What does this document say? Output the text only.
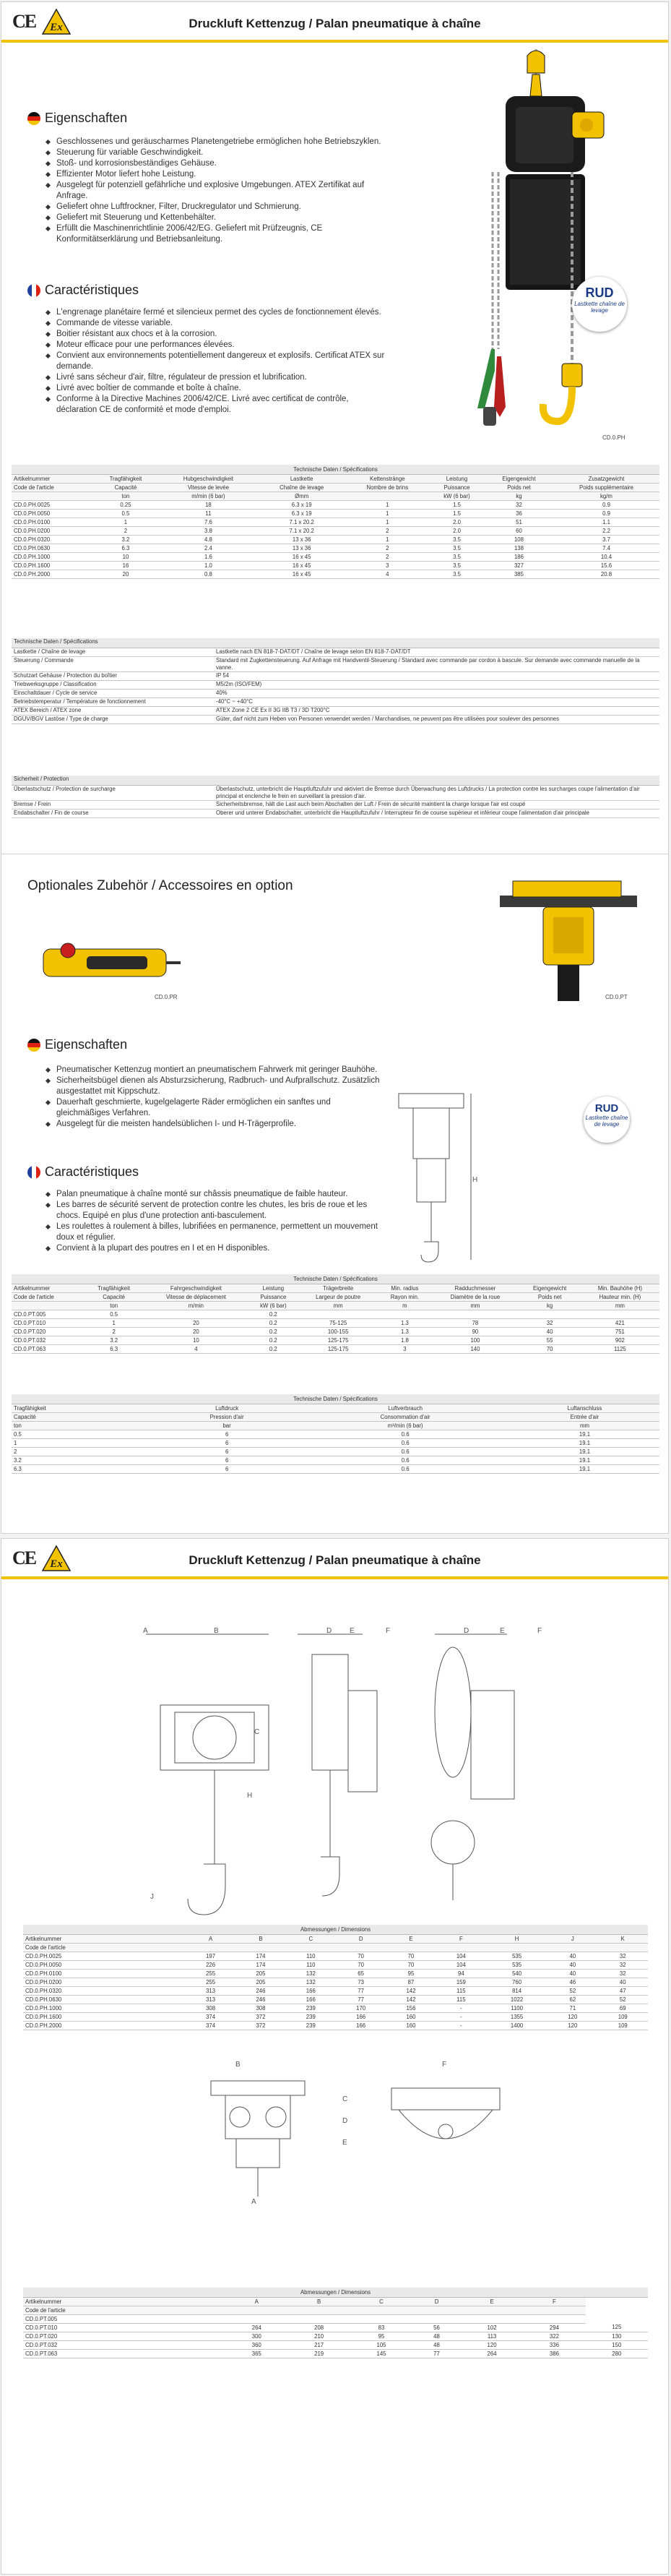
CE Ex	Druckluft Kettenzug / Palan pneumatique à chaîne
Eigenschaften
Geschlossenes und geräuscharmes Planetengetriebe ermöglichen hohe Betriebszyklen.
Steuerung für variable Geschwindigkeit.
Stoß- und korrosionsbeständiges Gehäuse.
Effizienter Motor liefert hohe Leistung.
Ausgelegt für potenziell gefährliche und explosive Umgebungen. ATEX Zertifikat auf Anfrage.
Geliefert ohne Luftfrockner, Filter, Druckregulator und Schmierung.
Geliefert mit Steuerung und Kettenbehälter.
Erfüllt die Maschinenrichtlinie 2006/42/EG. Geliefert mit Prüfzeugnis, CE Konformitätserklärung und Betriebsanleitung.
Caractéristiques
L'engrenage planétaire fermé et silencieux permet des cycles de fonctionnement élevés.
Commande de vitesse variable.
Boitier résistant aux chocs et à la corrosion.
Moteur efficace pour une performances élevées.
Convient aux environnements potentiellement dangereux et explosifs. Certificat ATEX sur demande.
Livré sans sécheur d'air, filtre, régulateur de pression et lubrification.
Livré avec boîtier de commande et boîte à chaîne.
Conforme à la Directive Machines 2006/42/CE. Livré avec certificat de contrôle, déclaration CE de conformité et mode d'emploi.
RUD
Lastkette chaîne de levage
CD.0.PH
Technische Daten / Spécifications							
Artikelnummer	Tragfähigkeit	Hubgeschwindigkeit	Lastkette	Kettenstränge	Leistung	Eigengewicht	Zusatzgewicht
Code de l'article	Capacité	Vitesse de levée	Chaîne de levage	Nombre de brins	Puissance	Poids net	Poids supplémentaire
	ton	m/min (6 bar)	Ømm		kW (6 bar)	kg	kg/m
CD.0.PH.0025	0.25	18	6.3 x 19	1	1.5	32	0.9
CD.0.PH.0050	0.5	11	6.3 x 19	1	1.5	36	0.9
CD.0.PH.0100	1	7.6	7.1 x 20.2	1	2.0	51	1.1
CD.0.PH.0200	2	3.8	7.1 x 20.2	2	2.0	60	2.2
CD.0.PH.0320	3.2	4.8	13 x 36	1	3.5	108	3.7
CD.0.PH.0630	6.3	2.4	13 x 36	2	3.5	138	7.4
CD.0.PH.1000	10	1.6	16 x 45	2	3.5	186	10.4
CD.0.PH.1600	16	1.0	16 x 45	3	3.5	327	15.6
CD.0.PH.2000	20	0.8	16 x 45	4	3.5	385	20.8
Technische Daten / Spécifications	
Lastkette / Chaîne de levage	Lastkette nach EN 818-7-DAT/DT / Chaîne de levage selon EN 818-7-DAT/DT
Steuerung / Commande	Standard mit Zugkettensteuerung. Auf Anfrage mit Handventil-Steuerung / Standard avec commande par cordon à bascule. Sur demande avec commande manuelle de la vanne.
Schutzart Gehäuse / Protection du boîtier	IP 54
Triebwerksgruppe / Classification	M5/2m (ISO/FEM)
Einschaltdauer / Cycle de service	40%
Betriebstemperatur / Température de fonctionnement	-40°C ~ +40°C
ATEX Bereich / ATEX zone	ATEX Zone 2 CE Ex II 3G IIB T3 / 3D T200°C
DGUV/BGV Lastöse / Type de charge	Güter, darf nicht zum Heben von Personen verwendet werden / Marchandises, ne peuvent pas être utilisées pour soulever des personnes
Sicherheit / Protection	
Überlastschutz / Protection de surcharge	Überlastschutz, unterbricht die Hauptluftzufuhr und aktiviert die Bremse durch Überwachung des Luftdrucks / La protection contre les surcharges coupe l'alimentation d'air principal et enclenche le frein en surveillant la pression d'air.
Bremse / Frein	Sicherheitsbremse, hält die Last auch beim Abschalten der Luft / Frein de sécurité maintient la charge lorsque l'air est coupé
Endabschalter / Fin de course	Oberer und unterer Endabschalter, unterbricht die Hauptluftzufuhr / Interrupteur fin de course supérieur et inférieur coupe l'alimentation d'air principale
Optionales Zubehör / Accessoires en option
CD.0.PR	CD.0.PT
Eigenschaften
Pneumatischer Kettenzug montiert an pneumatischem Fahrwerk mit geringer Bauhöhe.
Sicherheitsbügel dienen als Absturzsicherung, Radbruch- und Aufprallschutz. Zusätzlich ausgestattet mit Kippschutz.
Dauerhaft geschmierte, kugelgelagerte Räder ermöglichen ein sanftes und gleichmäßiges Verfahren.
Ausgelegt für die meisten handelsüblichen I- und H-Trägerprofile.
Caractéristiques
Palan pneumatique à chaîne monté sur châssis pneumatique de faible hauteur.
Les barres de sécurité servent de protection contre les chutes, les bris de roue et les chocs. Equipé en plus d'une protection anti-basculement.
Les roulettes à roulement à billes, lubrifiées en permanence, permettent un mouvement doux et régulier.
Convient à la plupart des poutres en I et en H disponibles.
H
RUD
Lastkette chaîne de levage
Technische Daten / Spécifications								
Artikelnummer	Tragfähigkeit	Fahrgeschwindigkeit	Leistung	Trägerbreite	Min. radius	Radduchmesser	Eigengewicht	Min. Bauhöhe (H)
Code de l'article	Capacité	Vitesse de déplacement	Puissance	Largeur de poutre	Rayon min.	Diamètre de la roue	Poids net	Hauteur min. (H)
	ton	m/min	kW (6 bar)	mm	m	mm	kg	mm
CD.0.PT.005	0.5		0.2					
CD.0.PT.010	1	20	0.2	75-125	1.3	78	32	421
CD.0.PT.020	2	20	0.2	100-155	1.3	90	40	751
CD.0.PT.032	3.2	10	0.2	125-175	1.8	100	55	902
CD.0.PT.063	6.3	4	0.2	125-175	3	140	70	1125
Technische Daten / Spécifications			
Tragfähigkeit	Luftdruck	Luftverbrauch	Luftanschluss
Capacité	Pression d'air	Consommation d'air	Entrée d'air
ton	bar	m³/min (6 bar)	mm
0.5	6	0.6	19.1
1	6	0.6	19.1
2	6	0.6	19.1
3.2	6	0.6	19.1
6.3	6	0.6	19.1
CE Ex	Druckluft Kettenzug / Palan pneumatique à chaîne
A	B
C
D E	F
H
J
D	E	F
Abmessungen / Dimensions									
Artikelnummer	A	B	C	D	E	F	H	J	K
Code de l'article									
CD.0.PH.0025	197	174	110	70	70	104	535	40	32
CD.0.PH.0050	226	174	110	70	70	104	535	40	32
CD.0.PH.0100	255	205	132	65	95	94	540	40	32
CD.0.PH.0200	255	205	132	73	87	159	760	46	40
CD.0.PH.0320	313	246	166	77	142	115	814	52	47
CD.0.PH.0630	313	246	166	77	142	115	1022	62	52
CD.0.PH.1000	308	308	239	170	156	-	1100	71	69
CD.0.PH.1600	374	372	239	166	160	-	1355	120	109
CD.0.PH.2000	374	372	239	166	160	-	1400	120	109
B
C
D
E
A
F
Abmessungen / Dimensions							
Artikelnummer	A	B	C	D	E	F	
Code de l'article							
CD.0.PT.005							
CD.0.PT.010	264	208	83	56	102	294	125
CD.0.PT.020	300	210	95	48	113	322	130
CD.0.PT.032	360	217	105	48	120	336	150
CD.0.PT.063	365	219	145	77	264	386	280
